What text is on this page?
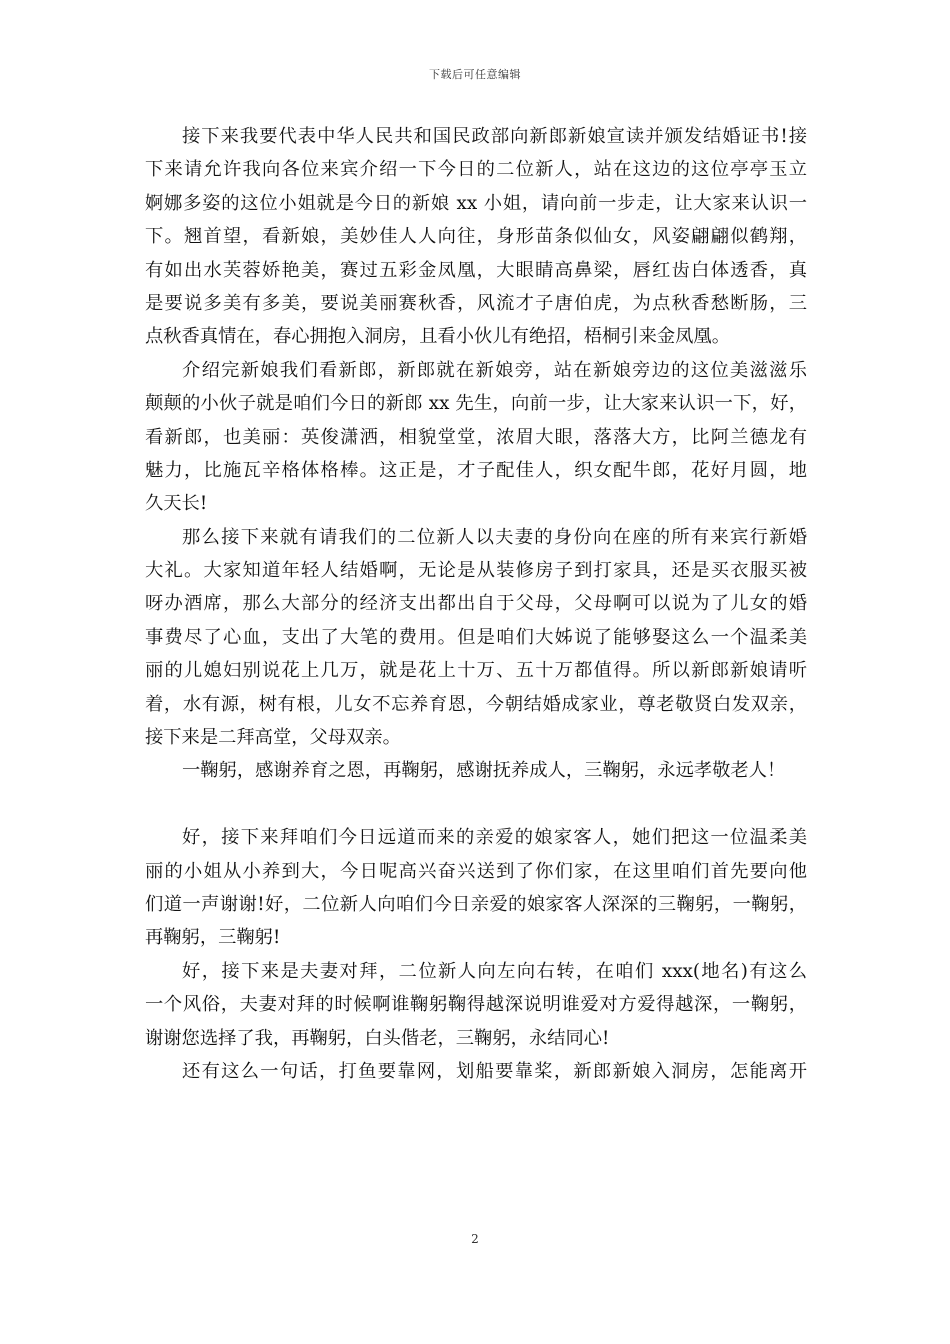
下载后可任意编辑
接下来我要代表中华人民共和国民政部向新郎新娘宣读并颁发结婚证书!接
下来请允许我向各位来宾介绍一下今日的二位新人，站在这边的这位亭亭玉立
婀娜多姿的这位小姐就是今日的新娘 xx 小姐，请向前一步走，让大家来认识一
下。翘首望，看新娘，美妙佳人人向往，身形苗条似仙女，风姿翩翩似鹤翔，
有如出水芙蓉娇艳美，赛过五彩金凤凰，大眼睛高鼻梁，唇红齿白体透香，真
是要说多美有多美，要说美丽赛秋香，风流才子唐伯虎，为点秋香愁断肠，三
点秋香真情在，春心拥抱入洞房，且看小伙儿有绝招，梧桐引来金凤凰。
介绍完新娘我们看新郎，新郎就在新娘旁，站在新娘旁边的这位美滋滋乐
颠颠的小伙子就是咱们今日的新郎 xx 先生，向前一步，让大家来认识一下，好，
看新郎，也美丽：英俊潇洒，相貌堂堂，浓眉大眼，落落大方，比阿兰德龙有
魅力，比施瓦辛格体格棒。这正是，才子配佳人，织女配牛郎，花好月圆，地
久天长!
那么接下来就有请我们的二位新人以夫妻的身份向在座的所有来宾行新婚
大礼。大家知道年轻人结婚啊，无论是从装修房子到打家具，还是买衣服买被
呀办酒席，那么大部分的经济支出都出自于父母，父母啊可以说为了儿女的婚
事费尽了心血，支出了大笔的费用。但是咱们大姊说了能够娶这么一个温柔美
丽的儿媳妇别说花上几万，就是花上十万、五十万都值得。所以新郎新娘请听
着，水有源，树有根，儿女不忘养育恩，今朝结婚成家业，尊老敬贤白发双亲，
接下来是二拜高堂，父母双亲。
一鞠躬，感谢养育之恩，再鞠躬，感谢抚养成人，三鞠躬，永远孝敬老人！
好，接下来拜咱们今日远道而来的亲爱的娘家客人，她们把这一位温柔美
丽的小姐从小养到大，今日呢高兴奋兴送到了你们家，在这里咱们首先要向他
们道一声谢谢!好，二位新人向咱们今日亲爱的娘家客人深深的三鞠躬，一鞠躬，
再鞠躬，三鞠躬!
好，接下来是夫妻对拜，二位新人向左向右转，在咱们 xxx(地名)有这么
一个风俗，夫妻对拜的时候啊谁鞠躬鞠得越深说明谁爱对方爱得越深，一鞠躬，
谢谢您选择了我，再鞠躬，白头偕老，三鞠躬，永结同心!
还有这么一句话，打鱼要靠网，划船要靠桨，新郎新娘入洞房，怎能离开
2
